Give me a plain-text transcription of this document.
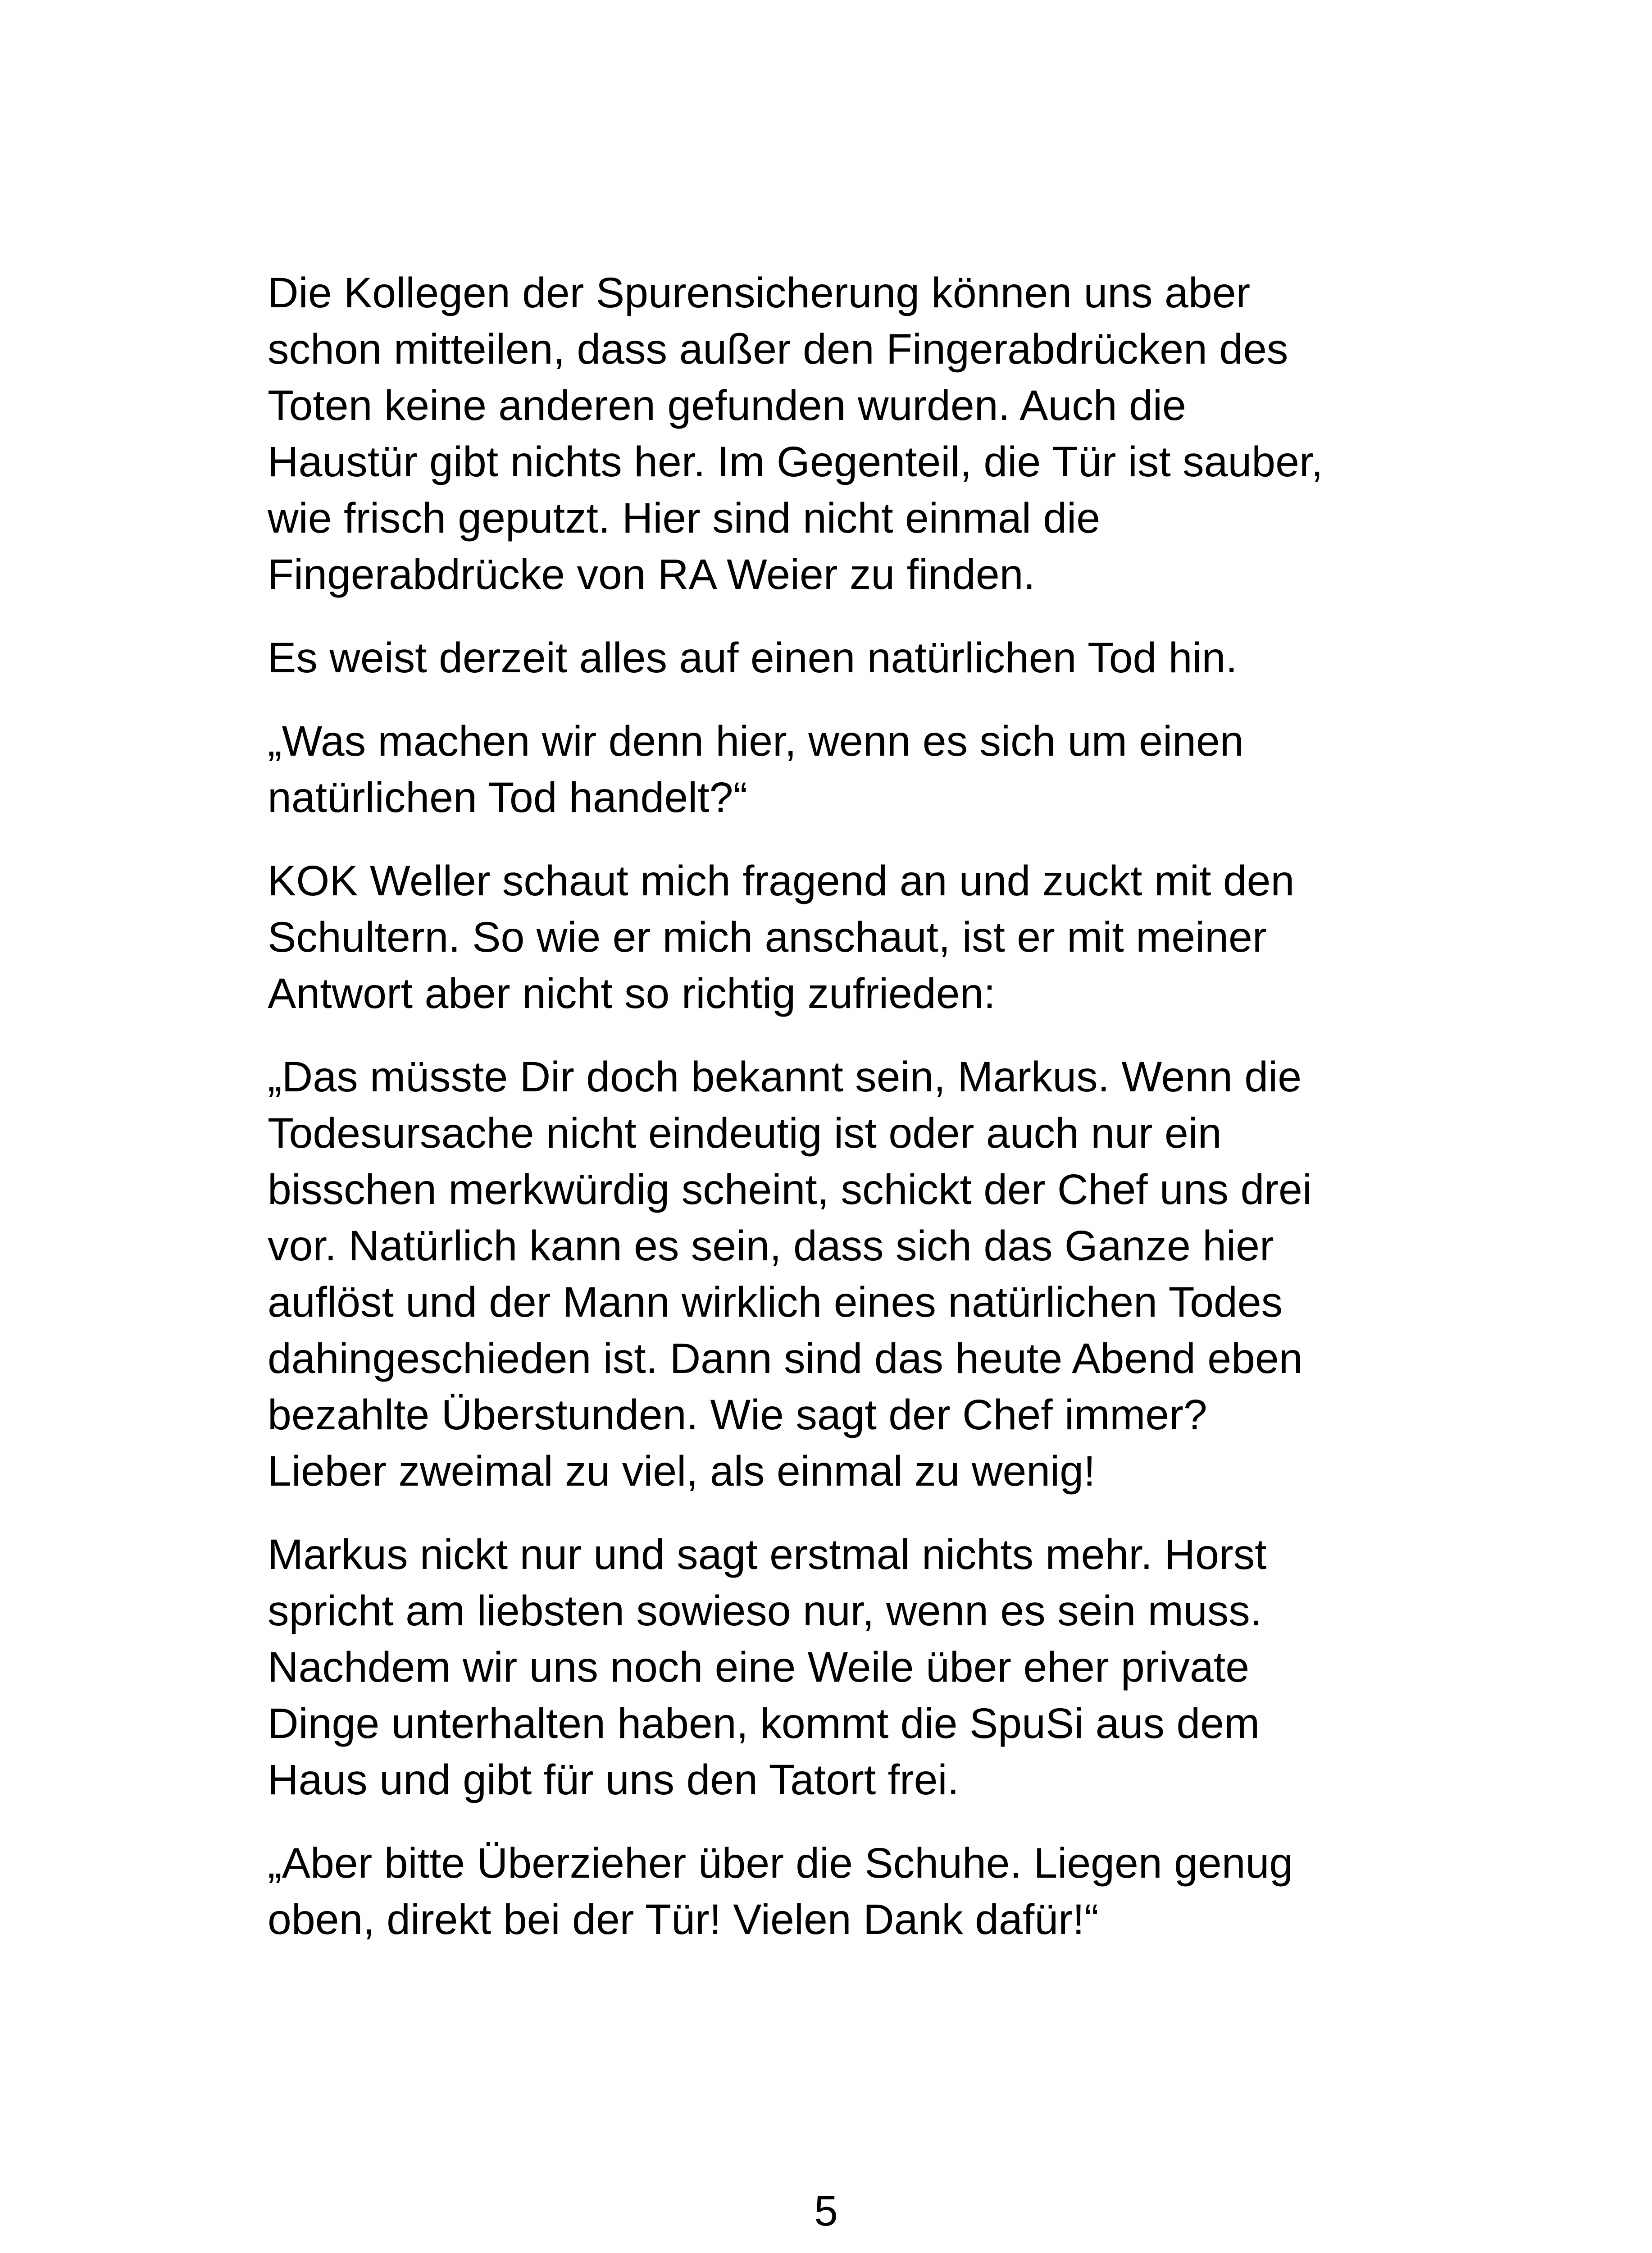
Die Kollegen der Spurensicherung können uns aber
schon mitteilen, dass außer den Fingerabdrücken des
Toten keine anderen gefunden wurden. Auch die
Haustür gibt nichts her. Im Gegenteil, die Tür ist sauber,
wie frisch geputzt. Hier sind nicht einmal die
Fingerabdrücke von RA Weier zu finden.

Es weist derzeit alles auf einen natürlichen Tod hin.

„Was machen wir denn hier, wenn es sich um einen
natürlichen Tod handelt?“

KOK Weller schaut mich fragend an und zuckt mit den
Schultern. So wie er mich anschaut, ist er mit meiner
Antwort aber nicht so richtig zufrieden:

„Das müsste Dir doch bekannt sein, Markus. Wenn die
Todesursache nicht eindeutig ist oder auch nur ein
bisschen merkwürdig scheint, schickt der Chef uns drei
vor. Natürlich kann es sein, dass sich das Ganze hier
auflöst und der Mann wirklich eines natürlichen Todes
dahingeschieden ist. Dann sind das heute Abend eben
bezahlte Überstunden. Wie sagt der Chef immer?
Lieber zweimal zu viel, als einmal zu wenig!

Markus nickt nur und sagt erstmal nichts mehr. Horst
spricht am liebsten sowieso nur, wenn es sein muss.
Nachdem wir uns noch eine Weile über eher private
Dinge unterhalten haben, kommt die SpuSi aus dem
Haus und gibt für uns den Tatort frei.

„Aber bitte Überzieher über die Schuhe. Liegen genug
oben, direkt bei der Tür! Vielen Dank dafür!“

5
